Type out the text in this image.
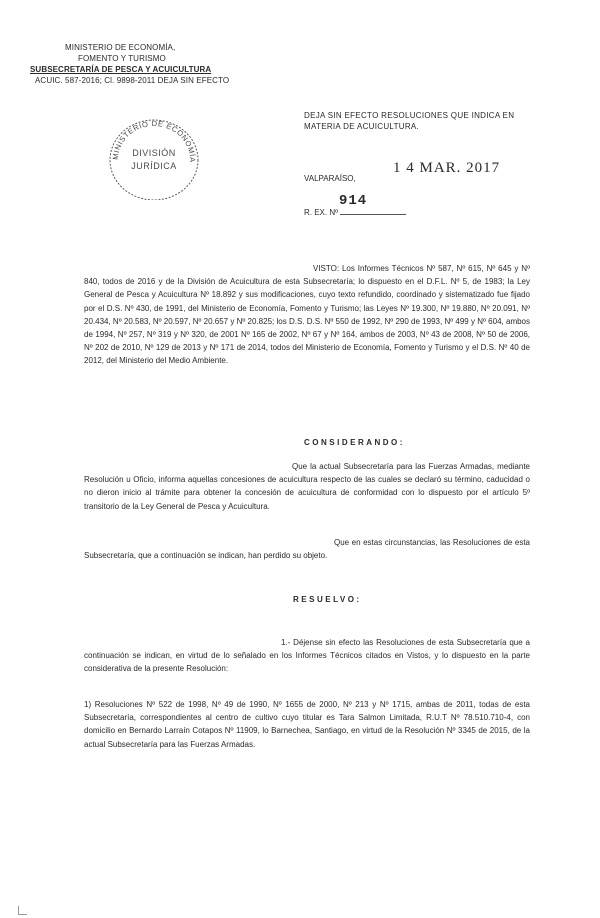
MINISTERIO DE ECONOMÍA,
FOMENTO Y TURISMO
SUBSECRETARÍA DE PESCA Y ACUICULTURA
ACUIC. 587-2016; Cl. 9898-2011 DEJA SIN EFECTO
MINISTERIO DE ECONOMÍA
DIVISIÓN
JURÍDICA
DEJA SIN EFECTO RESOLUCIONES QUE INDICA EN MATERIA DE ACUICULTURA.
VALPARAÍSO,
1 4 MAR. 2017
R. EX. Nº
914
VISTO: Los Informes Técnicos Nº 587, Nº 615, Nº 645 y Nº 840, todos de 2016 y de la División de Acuicultura de esta Subsecretaría; lo dispuesto en el D.F.L. Nº 5, de 1983; la Ley General de Pesca y Acuicultura Nº 18.892 y sus modificaciones, cuyo texto refundido, coordinado y sistematizado fue fijado por el D.S. Nº 430, de 1991, del Ministerio de Economía, Fomento y Turismo; las Leyes Nº 19.300, Nº 19.880, Nº 20.091, Nº 20.434, Nº 20.583, Nº 20.597, Nº 20.657 y Nº 20.825; los D.S. D.S. Nº 550 de 1992, Nº 290 de 1993, Nº 499 y Nº 604, ambos de 1994, Nº 257, Nº 319 y Nº 320, de 2001 Nº 165 de 2002, Nº 67 y Nº 164, ambos de 2003, Nº 43 de 2008, Nº 50 de 2006, Nº 202 de 2010, Nº 129 de 2013 y Nº 171 de 2014, todos del Ministerio de Economía, Fomento y Turismo y el D.S. Nº 40 de 2012, del Ministerio del Medio Ambiente.
CONSIDERANDO:
Que la actual Subsecretaría para las Fuerzas Armadas, mediante Resolución u Oficio, informa aquellas concesiones de acuicultura respecto de las cuales se declaró su término, caducidad o no dieron inicio al trámite para obtener la concesión de acuicultura de conformidad con lo dispuesto por el artículo 5º transitorio de la Ley General de Pesca y Acuicultura.
Que en estas circunstancias, las Resoluciones de esta Subsecretaría, que a continuación se indican, han perdido su objeto.
RESUELVO:
1.- Déjense sin efecto las Resoluciones de esta Subsecretaría que a continuación se indican, en virtud de lo señalado en los Informes Técnicos citados en Vistos, y lo dispuesto en la parte considerativa de la presente Resolución:
1) Resoluciones Nº 522 de 1998, Nº 49 de 1990, Nº 1655 de 2000, Nº 213 y Nº 1715, ambas de 2011, todas de esta Subsecretaría, correspondientes al centro de cultivo cuyo titular es Tara Salmon Limitada, R.U.T Nº 78.510.710-4, con domicilio en Bernardo Larraín Cotapos Nº 11909, lo Barnechea, Santiago, en virtud de la Resolución Nº 3345 de 2015, de la actual Subsecretaría para las Fuerzas Armadas.
